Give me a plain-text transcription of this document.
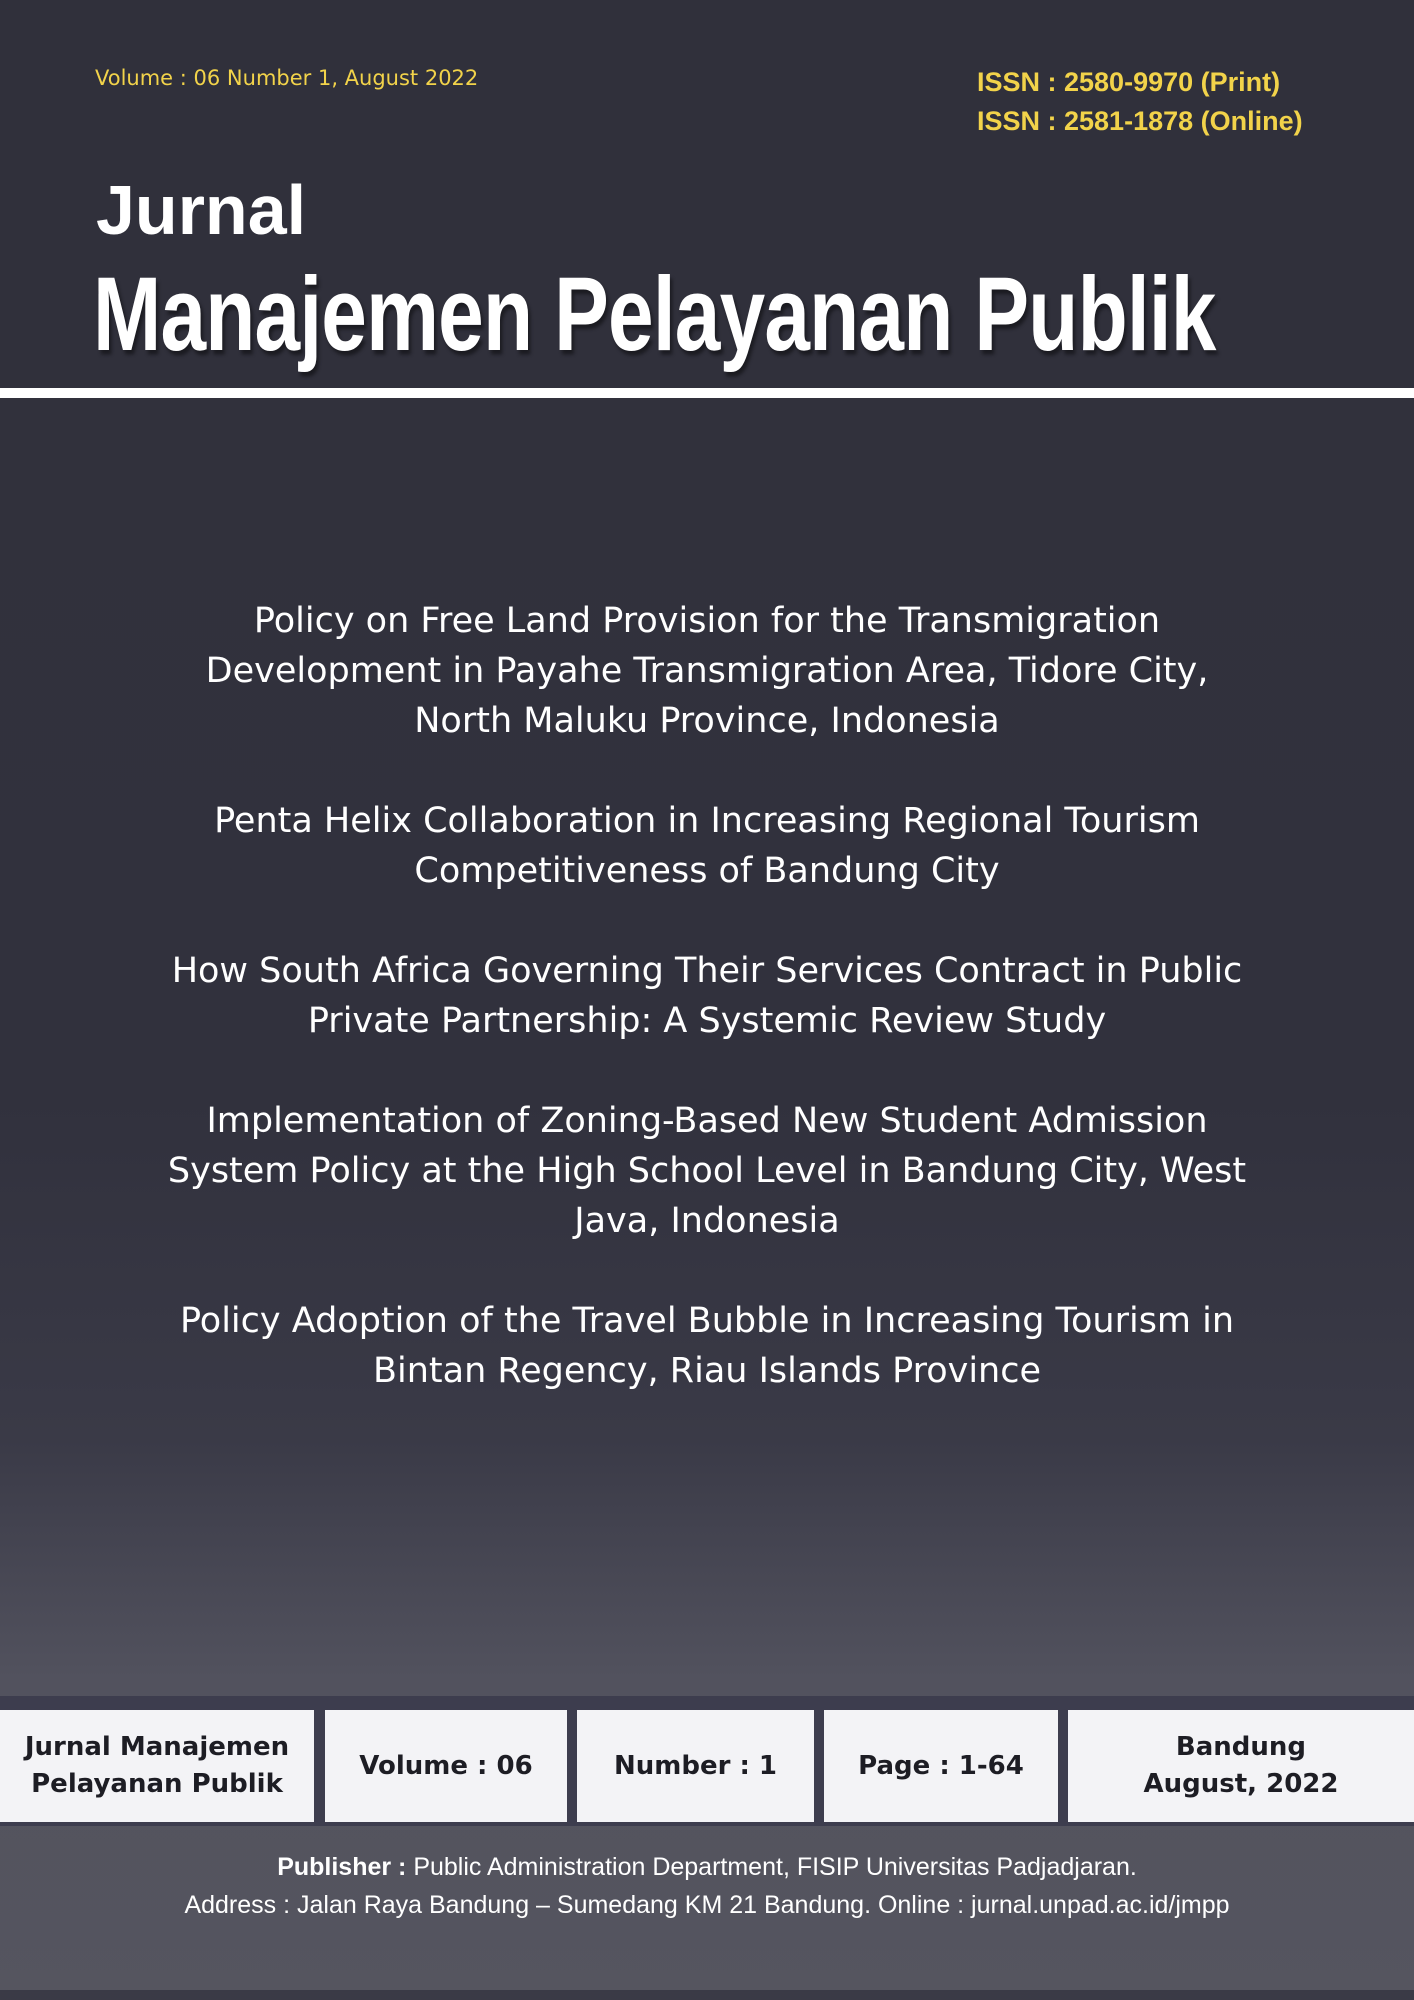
Volume : 06 Number 1, August 2022	ISSN : 2580-9970 (Print)
ISSN : 2581-1878 (Online)
Jurnal
Manajemen Pelayanan Publik

Policy on Free Land Provision for the Transmigration Development in Payahe Transmigration Area, Tidore City, North Maluku Province, Indonesia

Penta Helix Collaboration in Increasing Regional Tourism Competitiveness of Bandung City

How South Africa Governing Their Services Contract in Public Private Partnership: A Systemic Review Study

Implementation of Zoning-Based New Student Admission System Policy at the High School Level in Bandung City, West Java, Indonesia

Policy Adoption of the Travel Bubble in Increasing Tourism in Bintan Regency, Riau Islands Province

Jurnal Manajemen
Pelayanan Publik
Volume : 06	Number : 1	Page : 1-64
Bandung
August, 2022
Publisher : Public Administration Department, FISIP Universitas Padjadjaran.
Address : Jalan Raya Bandung – Sumedang KM 21 Bandung. Online : jurnal.unpad.ac.id/jmpp
